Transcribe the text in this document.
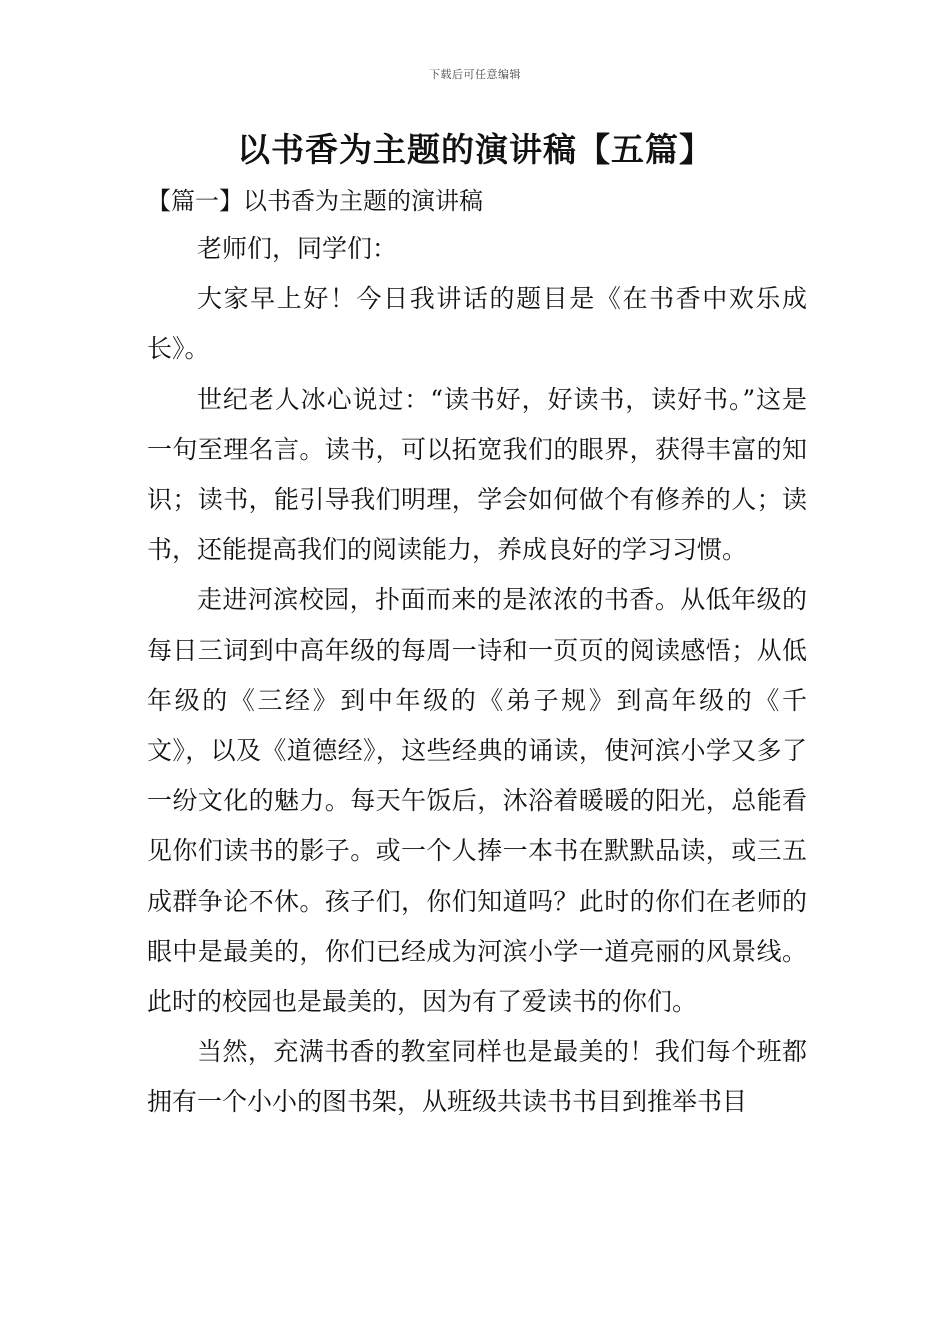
下载后可任意编辑
以书香为主题的演讲稿【五篇】
【篇一】以书香为主题的演讲稿

老师们，同学们：

大家早上好！今日我讲话的题目是《在书香中欢乐成长》。

世纪老人冰心说过：“读书好，好读书，读好书。”这是一句至理名言。读书，可以拓宽我们的眼界，获得丰富的知识；读书，能引导我们明理，学会如何做个有修养的人；读书，还能提高我们的阅读能力，养成良好的学习习惯。

走进河滨校园，扑面而来的是浓浓的书香。从低年级的每日三词到中高年级的每周一诗和一页页的阅读感悟；从低年级的《三经》到中年级的《弟子规》到高年级的《千文》，以及《道德经》，这些经典的诵读，使河滨小学又多了一纷文化的魅力。每天午饭后，沐浴着暖暖的阳光，总能看见你们读书的影子。或一个人捧一本书在默默品读，或三五成群争论不休。孩子们，你们知道吗？此时的你们在老师的眼中是最美的，你们已经成为河滨小学一道亮丽的风景线。此时的校园也是最美的，因为有了爱读书的你们。

当然，充满书香的教室同样也是最美的！我们每个班都拥有一个小小的图书架，从班级共读书书目到推举书目
